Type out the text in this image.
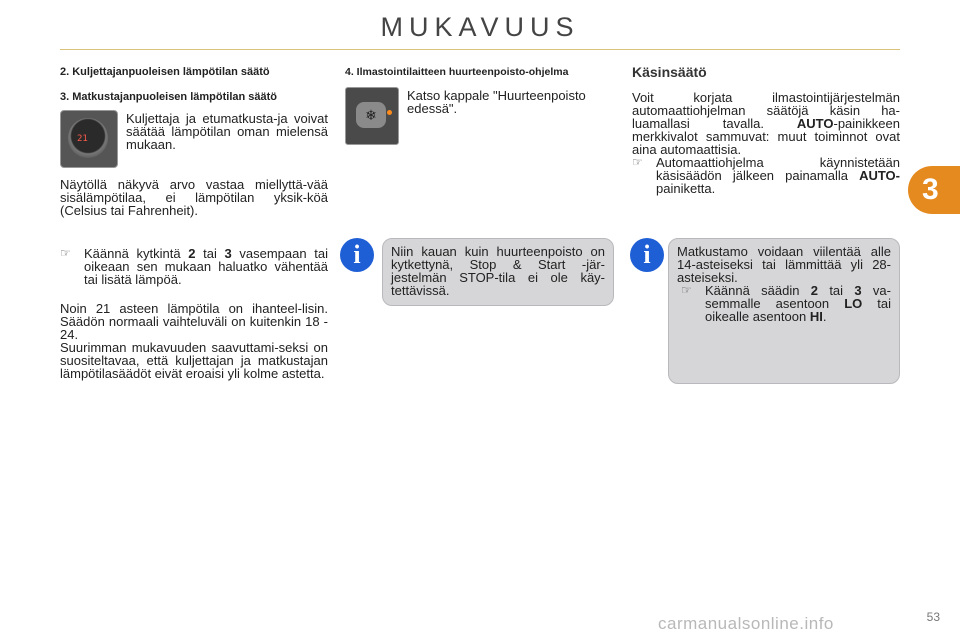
MUKAVUUS
3
2. Kuljettajanpuoleisen lämpötilan säätö
3. Matkustajanpuoleisen lämpötilan säätö
21

Kuljettaja ja etumatkusta-ja voivat säätää lämpötilan oman mielensä mukaan.

Näytöllä näkyvä arvo vastaa miellyttä-vää sisälämpötilaa, ei lämpötilan yksik-köä (Celsius tai Fahrenheit).

☞	Käännä kytkintä 2 tai 3 vasempaan tai oikeaan sen mukaan haluatko vähentää tai lisätä lämpöä.

Noin 21 asteen lämpötila on ihanteel-lisin. Säädön normaali vaihteluväli on kuitenkin 18 - 24.

Suurimman mukavuuden saavuttami-seksi on suositeltavaa, että kuljettajan ja matkustajan lämpötilasäädöt eivät eroaisi yli kolme astetta.

4. Ilmastointilaitteen huurteenpoisto-ohjelma
❄

Katso kappale "Huurteenpoisto edessä".

Niin kauan kuin huurteenpoisto on kytkettynä, Stop & Start -jär-jestelmän STOP-tila ei ole käy-tettävissä.
i
Käsinsäätö

Voit korjata ilmastointijärjestelmän automaattiohjelman säätöjä käsin ha-luamallasi tavalla. AUTO-painikkeen merkkivalot sammuvat: muut toiminnot ovat aina automaattisia.

☞	Automaattiohjelma käynnistetään käsisäädön jälkeen painamalla AUTO-painiketta.

Matkustamo voidaan viilentää alle 14-asteiseksi tai lämmittää yli 28-asteiseksi.

☞	Käännä säädin 2 tai 3 va-semmalle asentoon LO tai oikealle asentoon HI.
i
53
carmanualsonline.info
